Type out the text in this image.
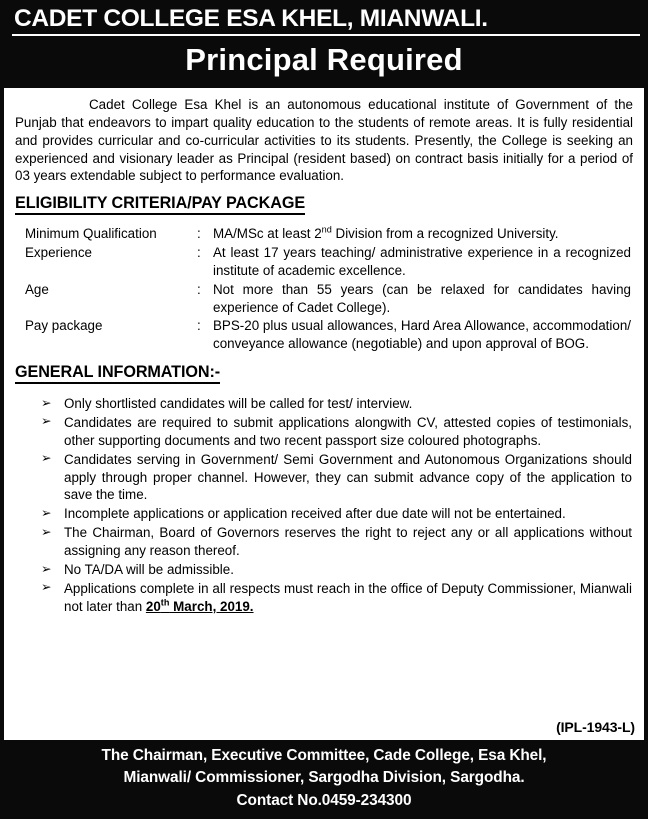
CADET COLLEGE ESA KHEL, MIANWALI.
Principal Required
Cadet College Esa Khel is an autonomous educational institute of Government of the Punjab that endeavors to impart quality education to the students of remote areas. It is fully residential and provides curricular and co-curricular activities to its students. Presently, the College is seeking an experienced and visionary leader as Principal (resident based) on contract basis initially for a period of 03 years extendable subject to performance evaluation.
ELIGIBILITY CRITERIA/PAY PACKAGE
Minimum Qualification	:	MA/MSc at least 2nd Division from a recognized University.
Experience	:	At least 17 years teaching/ administrative experience in a recognized institute of academic excellence.
Age	:	Not more than 55 years (can be relaxed for candidates having experience of Cadet College).
Pay package	:	BPS-20 plus usual allowances, Hard Area Allowance, accommodation/ conveyance allowance (negotiable) and upon approval of BOG.
GENERAL INFORMATION:-
➢ Only shortlisted candidates will be called for test/ interview.
➢ Candidates are required to submit applications alongwith CV, attested copies of testimonials, other supporting documents and two recent passport size coloured photographs.
➢ Candidates serving in Government/ Semi Government and Autonomous Organizations should apply through proper channel. However, they can submit advance copy of the application to save the time.
➢ Incomplete applications or application received after due date will not be entertained.
➢ The Chairman, Board of Governors reserves the right to reject any or all applications without assigning any reason thereof.
➢ No TA/DA will be admissible.
➢ Applications complete in all respects must reach in the office of Deputy Commissioner, Mianwali not later than 20th March, 2019.
(IPL-1943-L)
The Chairman, Executive Committee, Cade College, Esa Khel,
Mianwali/ Commissioner, Sargodha Division, Sargodha.
Contact No.0459-234300
